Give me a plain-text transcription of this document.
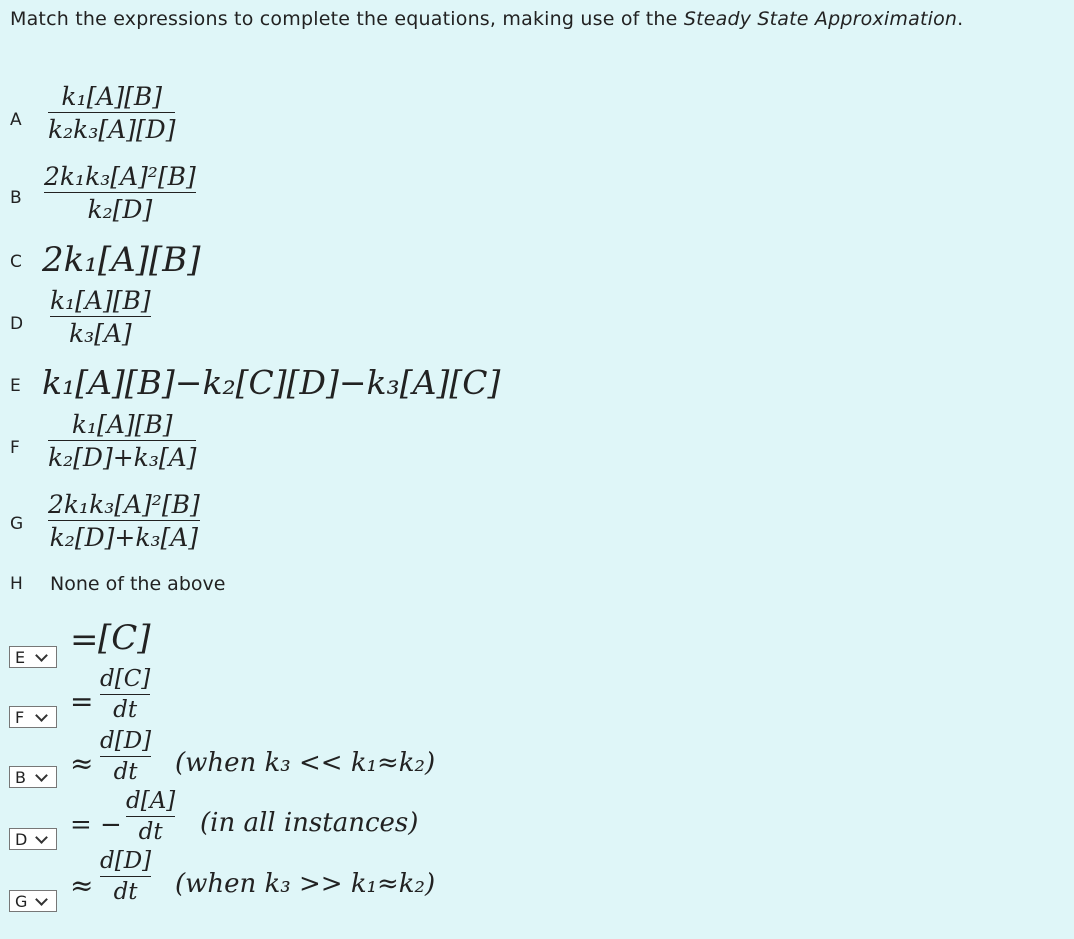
Match the expressions to complete the equations, making use of the Steady State Approximation.
A
k₁[A][B]
k₂k₃[A][D]
B
2k₁k₃[A]²[B]
k₂[D]
C 2k₁[A][B]
D
k₁[A][B]
k₃[A]
E k₁[A][B]−k₂[C][D]−k₃[A][C]
F
k₁[A][B]
k₂[D]+k₃[A]
G
2k₁k₃[A]²[B]
k₂[D]+k₃[A]
H None of the above
E = [C]
F	=
d[C]
dt
B ≈
d[D]
dt (when k₃ << k₁≈k₂)
D = −
d[A]
dt (in all instances)
G ≈
d[D]
dt (when k₃ >> k₁≈k₂)
